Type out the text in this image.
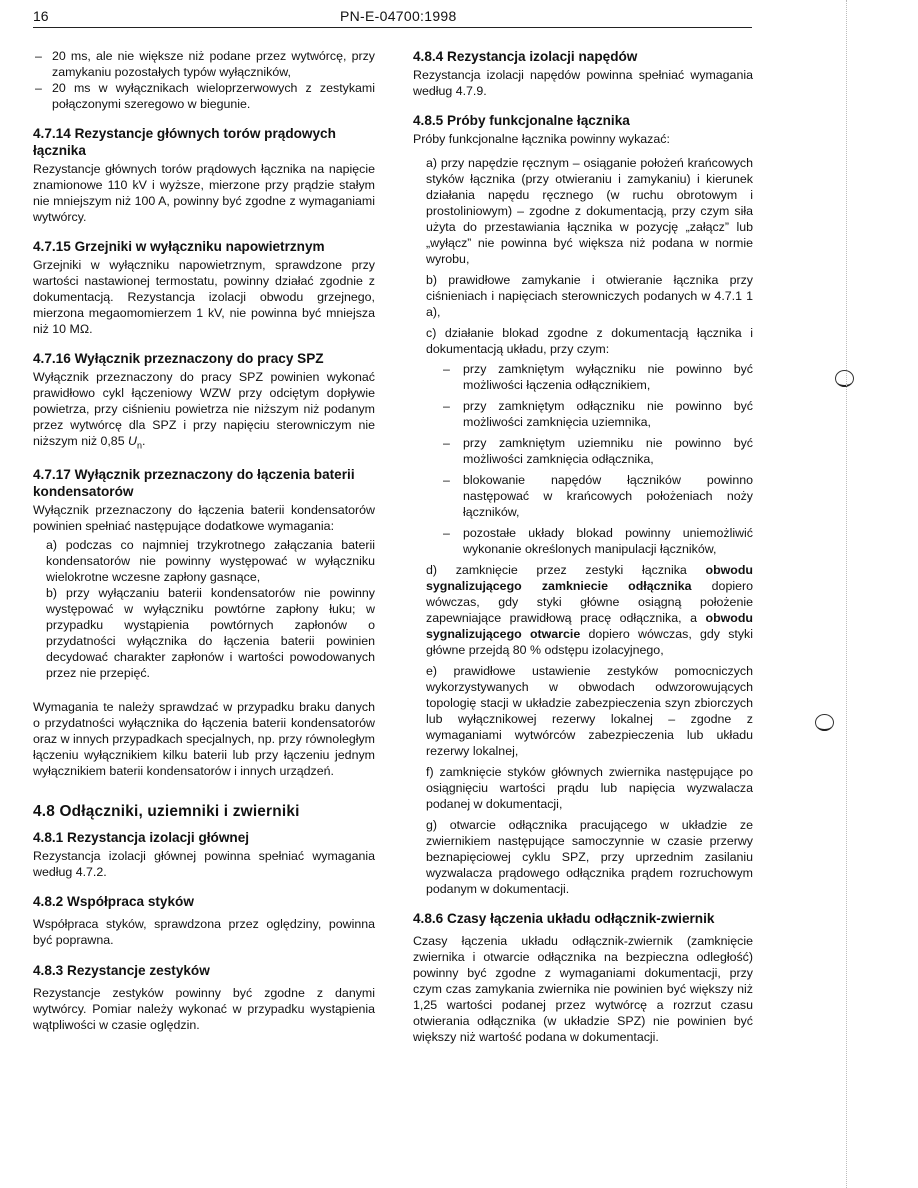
16	PN-E-04700:1998
– 20 ms, ale nie większe niż podane przez wytwórcę, przy zamykaniu pozostałych typów wyłączników,
– 20 ms w wyłącznikach wieloprzerwowych z zestykami połączonymi szeregowo w biegunie.
4.7.14 Rezystancje głównych torów prądowych łącznika

Rezystancje głównych torów prądowych łącznika na napięcie znamionowe 110 kV i wyższe, mierzone przy prądzie stałym nie mniejszym niż 100 A, powinny być zgodne z wymaganiami wytwórcy.

4.7.15 Grzejniki w wyłączniku napowietrznym

Grzejniki w wyłączniku napowietrznym, sprawdzone przy wartości nastawionej termostatu, powinny działać zgodnie z dokumentacją. Rezystancja izolacji obwodu grzejnego, mierzona megaomomierzem 1 kV, nie powinna być mniejsza niż 10 MΩ.

4.7.16 Wyłącznik przeznaczony do pracy SPZ

Wyłącznik przeznaczony do pracy SPZ powinien wykonać prawidłowo cykl łączeniowy WZW przy odciętym dopływie powietrza, przy ciśnieniu powietrza nie niższym niż podanym przez wytwórcę dla SPZ i przy napięciu sterowniczym nie niższym niż 0,85 $U_n$.

4.7.17 Wyłącznik przeznaczony do łączenia baterii kondensatorów

Wyłącznik przeznaczony do łączenia baterii kondensatorów powinien spełniać następujące dodatkowe wymagania:

a) podczas co najmniej trzykrotnego załączania baterii kondensatorów nie powinny występować w wyłączniku wielokrotne wczesne zapłony gasnące,

b) przy wyłączaniu baterii kondensatorów nie powinny występować w wyłączniku powtórne zapłony łuku; w przypadku wystąpienia powtórnych zapłonów o przydatności wyłącznika do łączenia baterii powinien decydować charakter zapłonów i wartości powodowanych przez nie przepięć.

Wymagania te należy sprawdzać w przypadku braku danych o przydatności wyłącznika do łączenia baterii kondensatorów oraz w innych przypadkach specjalnych, np. przy równoległym łączeniu wyłącznikiem kilku baterii lub przy łączeniu jednym wyłącznikiem baterii kondensatorów i innych urządzeń.

4.8 Odłączniki, uziemniki i zwierniki
4.8.1 Rezystancja izolacji głównej

Rezystancja izolacji głównej powinna spełniać wymagania według 4.7.2.

4.8.2 Współpraca styków

Współpraca styków, sprawdzona przez oględziny, powinna być poprawna.

4.8.3 Rezystancje zestyków

Rezystancje zestyków powinny być zgodne z danymi wytwórcy. Pomiar należy wykonać w przypadku wystąpienia wątpliwości w czasie oględzin.

4.8.4 Rezystancja izolacji napędów

Rezystancja izolacji napędów powinna spełniać wymagania według 4.7.9.

4.8.5 Próby funkcjonalne łącznika

Próby funkcjonalne łącznika powinny wykazać:

a) przy napędzie ręcznym – osiąganie położeń krańcowych styków łącznika (przy otwieraniu i zamykaniu) i kierunek działania napędu ręcznego (w ruchu obrotowym i prostoliniowym) – zgodne z dokumentacją, przy czym siła użyta do przestawiania łącznika w pozycję „załącz” lub „wyłącz” nie powinna być większa niż podana w normie wyrobu,

b) prawidłowe zamykanie i otwieranie łącznika przy ciśnieniach i napięciach sterowniczych podanych w 4.7.1 1 a),

c) działanie blokad zgodne z dokumentacją łącznika i dokumentacją układu, przy czym:

– przy zamkniętym wyłączniku nie powinno być możliwości łączenia odłącznikiem,
– przy zamkniętym odłączniku nie powinno być możliwości zamknięcia uziemnika,
– przy zamkniętym uziemniku nie powinno być możliwości zamknięcia odłącznika,
– blokowanie napędów łączników powinno następować w krańcowych położeniach noży łączników,
– pozostałe układy blokad powinny uniemożliwić wykonanie określonych manipulacji łączników,

d) zamknięcie przez zestyki łącznika obwodu sygnalizującego zamkniecie odłącznika dopiero wówczas, gdy styki główne osiągną położenie zapewniające prawidłową pracę odłącznika, a obwodu sygnalizującego otwarcie dopiero wówczas, gdy styki główne przejdą 80 % odstępu izolacyjnego,

e) prawidłowe ustawienie zestyków pomocniczych wykorzystywanych w obwodach odwzorowujących topologię stacji w układzie zabezpieczenia szyn zbiorczych lub wyłącznikowej rezerwy lokalnej – zgodne z wymaganiami wytwórców zabezpieczenia lub układu rezerwy lokalnej,

f) zamknięcie styków głównych zwiernika następujące po osiągnięciu wartości prądu lub napięcia wyzwalacza podanej w dokumentacji,

g) otwarcie odłącznika pracującego w układzie ze zwiernikiem następujące samoczynnie w czasie przerwy beznapięciowej cyklu SPZ, przy uprzednim zasilaniu wyzwalacza prądowego odłącznika prądem rozruchowym podanym w dokumentacji.

4.8.6 Czasy łączenia układu odłącznik-zwiernik

Czasy łączenia układu odłącznik-zwiernik (zamknięcie zwiernika i otwarcie odłącznika na bezpieczna odległość) powinny być zgodne z wymaganiami dokumentacji, przy czym czas zamykania zwiernika nie powinien być większy niż 1,25 wartości podanej przez wytwórcę a rozrzut czasu otwierania odłącznika (w układzie SPZ) nie powinien być większy niż wartość podana w dokumentacji.
